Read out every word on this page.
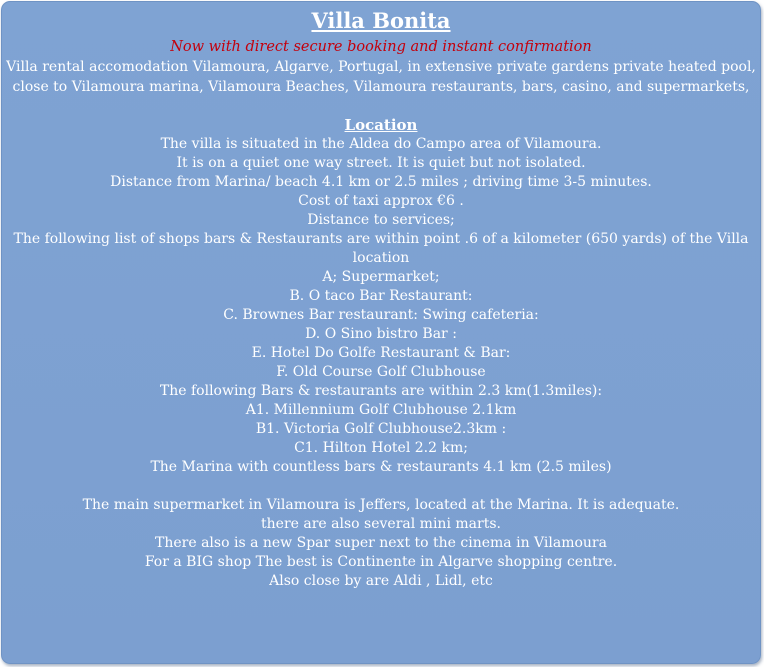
Villa Bonita
Now with direct secure booking and instant confirmation
Villa rental accomodation Vilamoura, Algarve, Portugal, in extensive private gardens private heated pool, close to Vilamoura marina, Vilamoura Beaches, Vilamoura restaurants, bars, casino, and supermarkets,
Location
The villa is situated in the Aldea do Campo area of Vilamoura.
It is on a quiet one way street. It is quiet but not isolated.
Distance from Marina/ beach 4.1 km or 2.5 miles ; driving time 3-5 minutes.
Cost of taxi approx €6 .
Distance to services;
The following list of shops bars & Restaurants are within point .6 of a kilometer (650 yards) of the Villa location
A; Supermarket;
B. O taco Bar Restaurant:
C. Brownes Bar restaurant: Swing cafeteria:
D. O Sino bistro Bar :
E. Hotel Do Golfe Restaurant & Bar:
F. Old Course Golf Clubhouse
The following Bars & restaurants are within 2.3 km(1.3miles):
A1. Millennium Golf Clubhouse 2.1km
B1. Victoria Golf Clubhouse2.3km :
C1. Hilton Hotel 2.2 km;
The Marina with countless bars & restaurants 4.1 km (2.5 miles)
The main supermarket in Vilamoura is Jeffers, located at the Marina. It is adequate.
there are also several mini marts.
There also is a new Spar super next to the cinema in Vilamoura
For a BIG shop The best is Continente in Algarve shopping centre.
Also close by are Aldi , Lidl, etc
